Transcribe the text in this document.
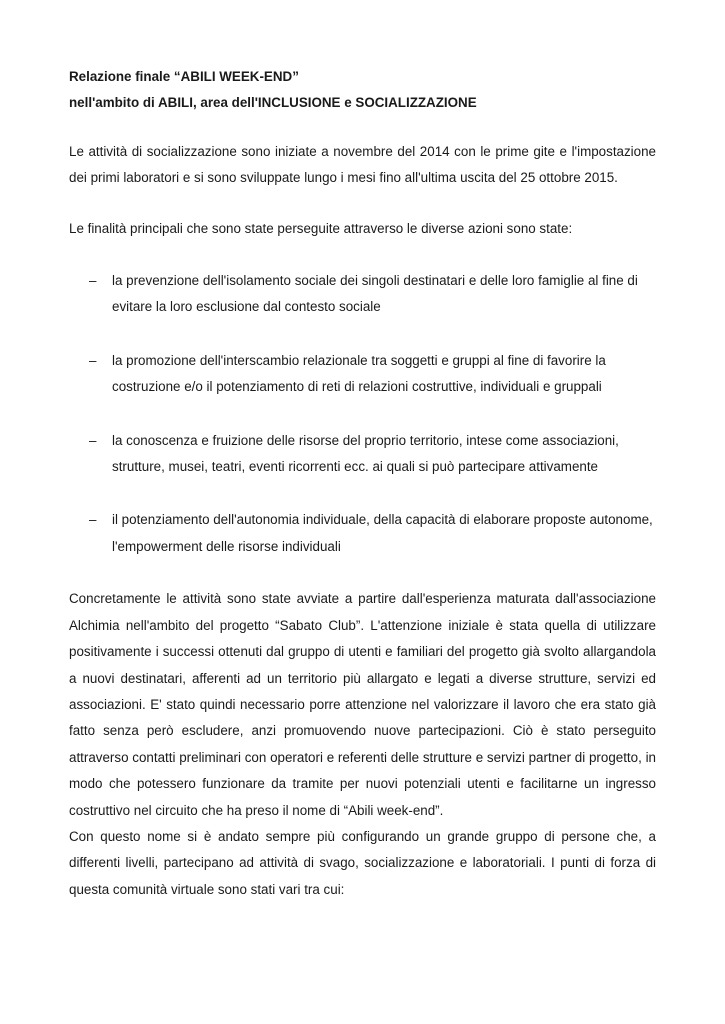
Relazione finale “ABILI WEEK-END”

nell'ambito di ABILI, area dell'INCLUSIONE e SOCIALIZZAZIONE

Le attività di socializzazione sono iniziate a novembre del 2014 con le prime gite e l'impostazione dei primi laboratori e si sono sviluppate lungo i mesi fino all'ultima uscita del 25 ottobre 2015.

Le finalità principali che sono state perseguite attraverso le diverse azioni sono state:

– la prevenzione dell'isolamento sociale dei singoli destinatari e delle loro famiglie al fine di evitare la loro esclusione dal contesto sociale
– la promozione dell'interscambio relazionale tra soggetti e gruppi al fine di favorire la costruzione e/o il potenziamento di reti di relazioni costruttive, individuali e gruppali
– la conoscenza e fruizione delle risorse del proprio territorio, intese come associazioni, strutture, musei, teatri, eventi ricorrenti ecc. ai quali si può partecipare attivamente
– il potenziamento dell'autonomia individuale, della capacità di elaborare proposte autonome, l'empowerment delle risorse individuali

Concretamente le attività sono state avviate a partire dall'esperienza maturata dall'associazione Alchimia nell'ambito del progetto “Sabato Club”. L'attenzione iniziale è stata quella di utilizzare positivamente i successi ottenuti dal gruppo di utenti e familiari del progetto già svolto allargandola a nuovi destinatari, afferenti ad un territorio più allargato e legati a diverse strutture, servizi ed associazioni. E' stato quindi necessario porre attenzione nel valorizzare il lavoro che era stato già fatto senza però escludere, anzi promuovendo nuove partecipazioni. Ciò è stato perseguito attraverso contatti preliminari con operatori e referenti delle strutture e servizi partner di progetto, in modo che potessero funzionare da tramite per nuovi potenziali utenti e facilitarne un ingresso costruttivo nel circuito che ha preso il nome di “Abili week-end”.

Con questo nome si è andato sempre più configurando un grande gruppo di persone che, a differenti livelli, partecipano ad attività di svago, socializzazione e laboratoriali. I punti di forza di questa comunità virtuale sono stati vari tra cui:
